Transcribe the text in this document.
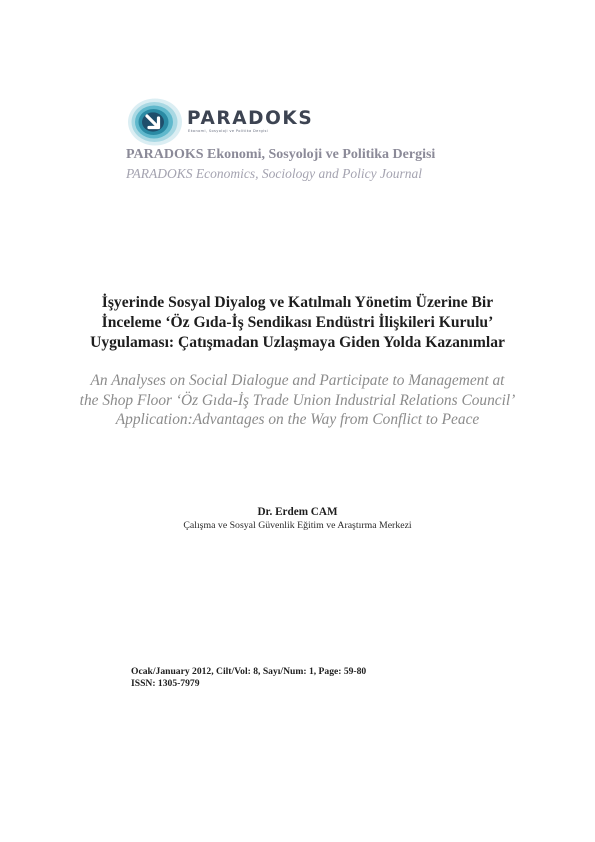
PARADOKS
Ekonomi, Sosyoloji ve Politika Dergisi
PARADOKS Ekonomi, Sosyoloji ve Politika Dergisi
PARADOKS Economics, Sociology and Policy Journal
İşyerinde Sosyal Diyalog ve Katılmalı Yönetim Üzerine Bir
İnceleme ‘Öz Gıda-İş Sendikası Endüstri İlişkileri Kurulu’
Uygulaması: Çatışmadan Uzlaşmaya Giden Yolda Kazanımlar
An Analyses on Social Dialogue and Participate to Management at
the Shop Floor ‘Öz Gıda-İş Trade Union Industrial Relations Council’
Application:Advantages on the Way from Conflict to Peace
Dr. Erdem CAM
Çalışma ve Sosyal Güvenlik Eğitim ve Araştırma Merkezi
Ocak/January 2012, Cilt/Vol: 8, Sayı/Num: 1, Page: 59-80
ISSN: 1305-7979
